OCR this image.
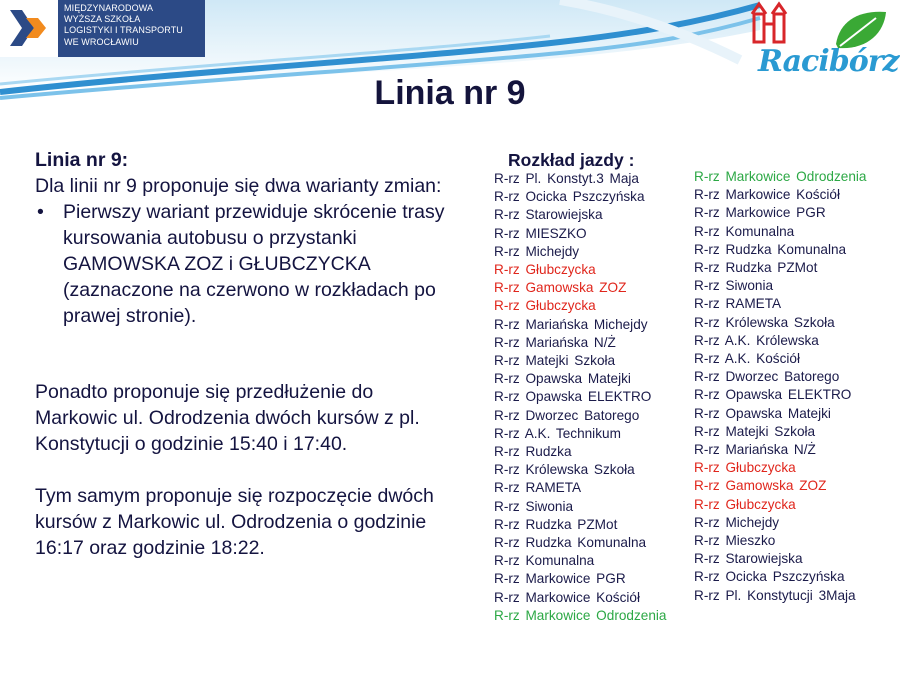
MIĘDZYNARODOWA
WYŻSZA SZKOŁA
LOGISTYKI I TRANSPORTU
WE WROCŁAWIU
Racibórz
Linia nr 9
Linia nr 9:
Dla linii nr 9 proponuje się dwa warianty zmian:
• Pierwszy wariant przewiduje skrócenie trasy kursowania autobusu o przystanki GAMOWSKA ZOZ i GŁUBCZYCKA (zaznaczone na czerwono w rozkładach po prawej stronie).
Ponadto proponuje się przedłużenie do Markowic ul. Odrodzenia dwóch kursów z pl. Konstytucji o godzinie 15:40 i 17:40.
Tym samym proponuje się rozpoczęcie dwóch kursów z Markowic ul. Odrodzenia o godzinie 16:17 oraz godzinie 18:22.
Rozkład jazdy :
R-rz Pl. Konstyt.3 Maja
R-rz Ocicka Pszczyńska
R-rz Starowiejska
R-rz MIESZKO
R-rz Michejdy
R-rz Głubczycka
R-rz Gamowska ZOZ
R-rz Głubczycka
R-rz Mariańska Michejdy
R-rz Mariańska N/Ż
R-rz Matejki Szkoła
R-rz Opawska Matejki
R-rz Opawska ELEKTRO
R-rz Dworzec Batorego
R-rz A.K. Technikum
R-rz Rudzka
R-rz Królewska Szkoła
R-rz RAMETA
R-rz Siwonia
R-rz Rudzka PZMot
R-rz Rudzka Komunalna
R-rz Komunalna
R-rz Markowice PGR
R-rz Markowice Kościół
R-rz Markowice Odrodzenia
R-rz Markowice Odrodzenia
R-rz Markowice Kościół
R-rz Markowice PGR
R-rz Komunalna
R-rz Rudzka Komunalna
R-rz Rudzka PZMot
R-rz Siwonia
R-rz RAMETA
R-rz Królewska Szkoła
R-rz A.K. Królewska
R-rz A.K. Kościół
R-rz Dworzec Batorego
R-rz Opawska ELEKTRO
R-rz Opawska Matejki
R-rz Matejki Szkoła
R-rz Mariańska N/Ż
R-rz Głubczycka
R-rz Gamowska ZOZ
R-rz Głubczycka
R-rz Michejdy
R-rz Mieszko
R-rz Starowiejska
R-rz Ocicka Pszczyńska
R-rz Pl. Konstytucji 3Maja
